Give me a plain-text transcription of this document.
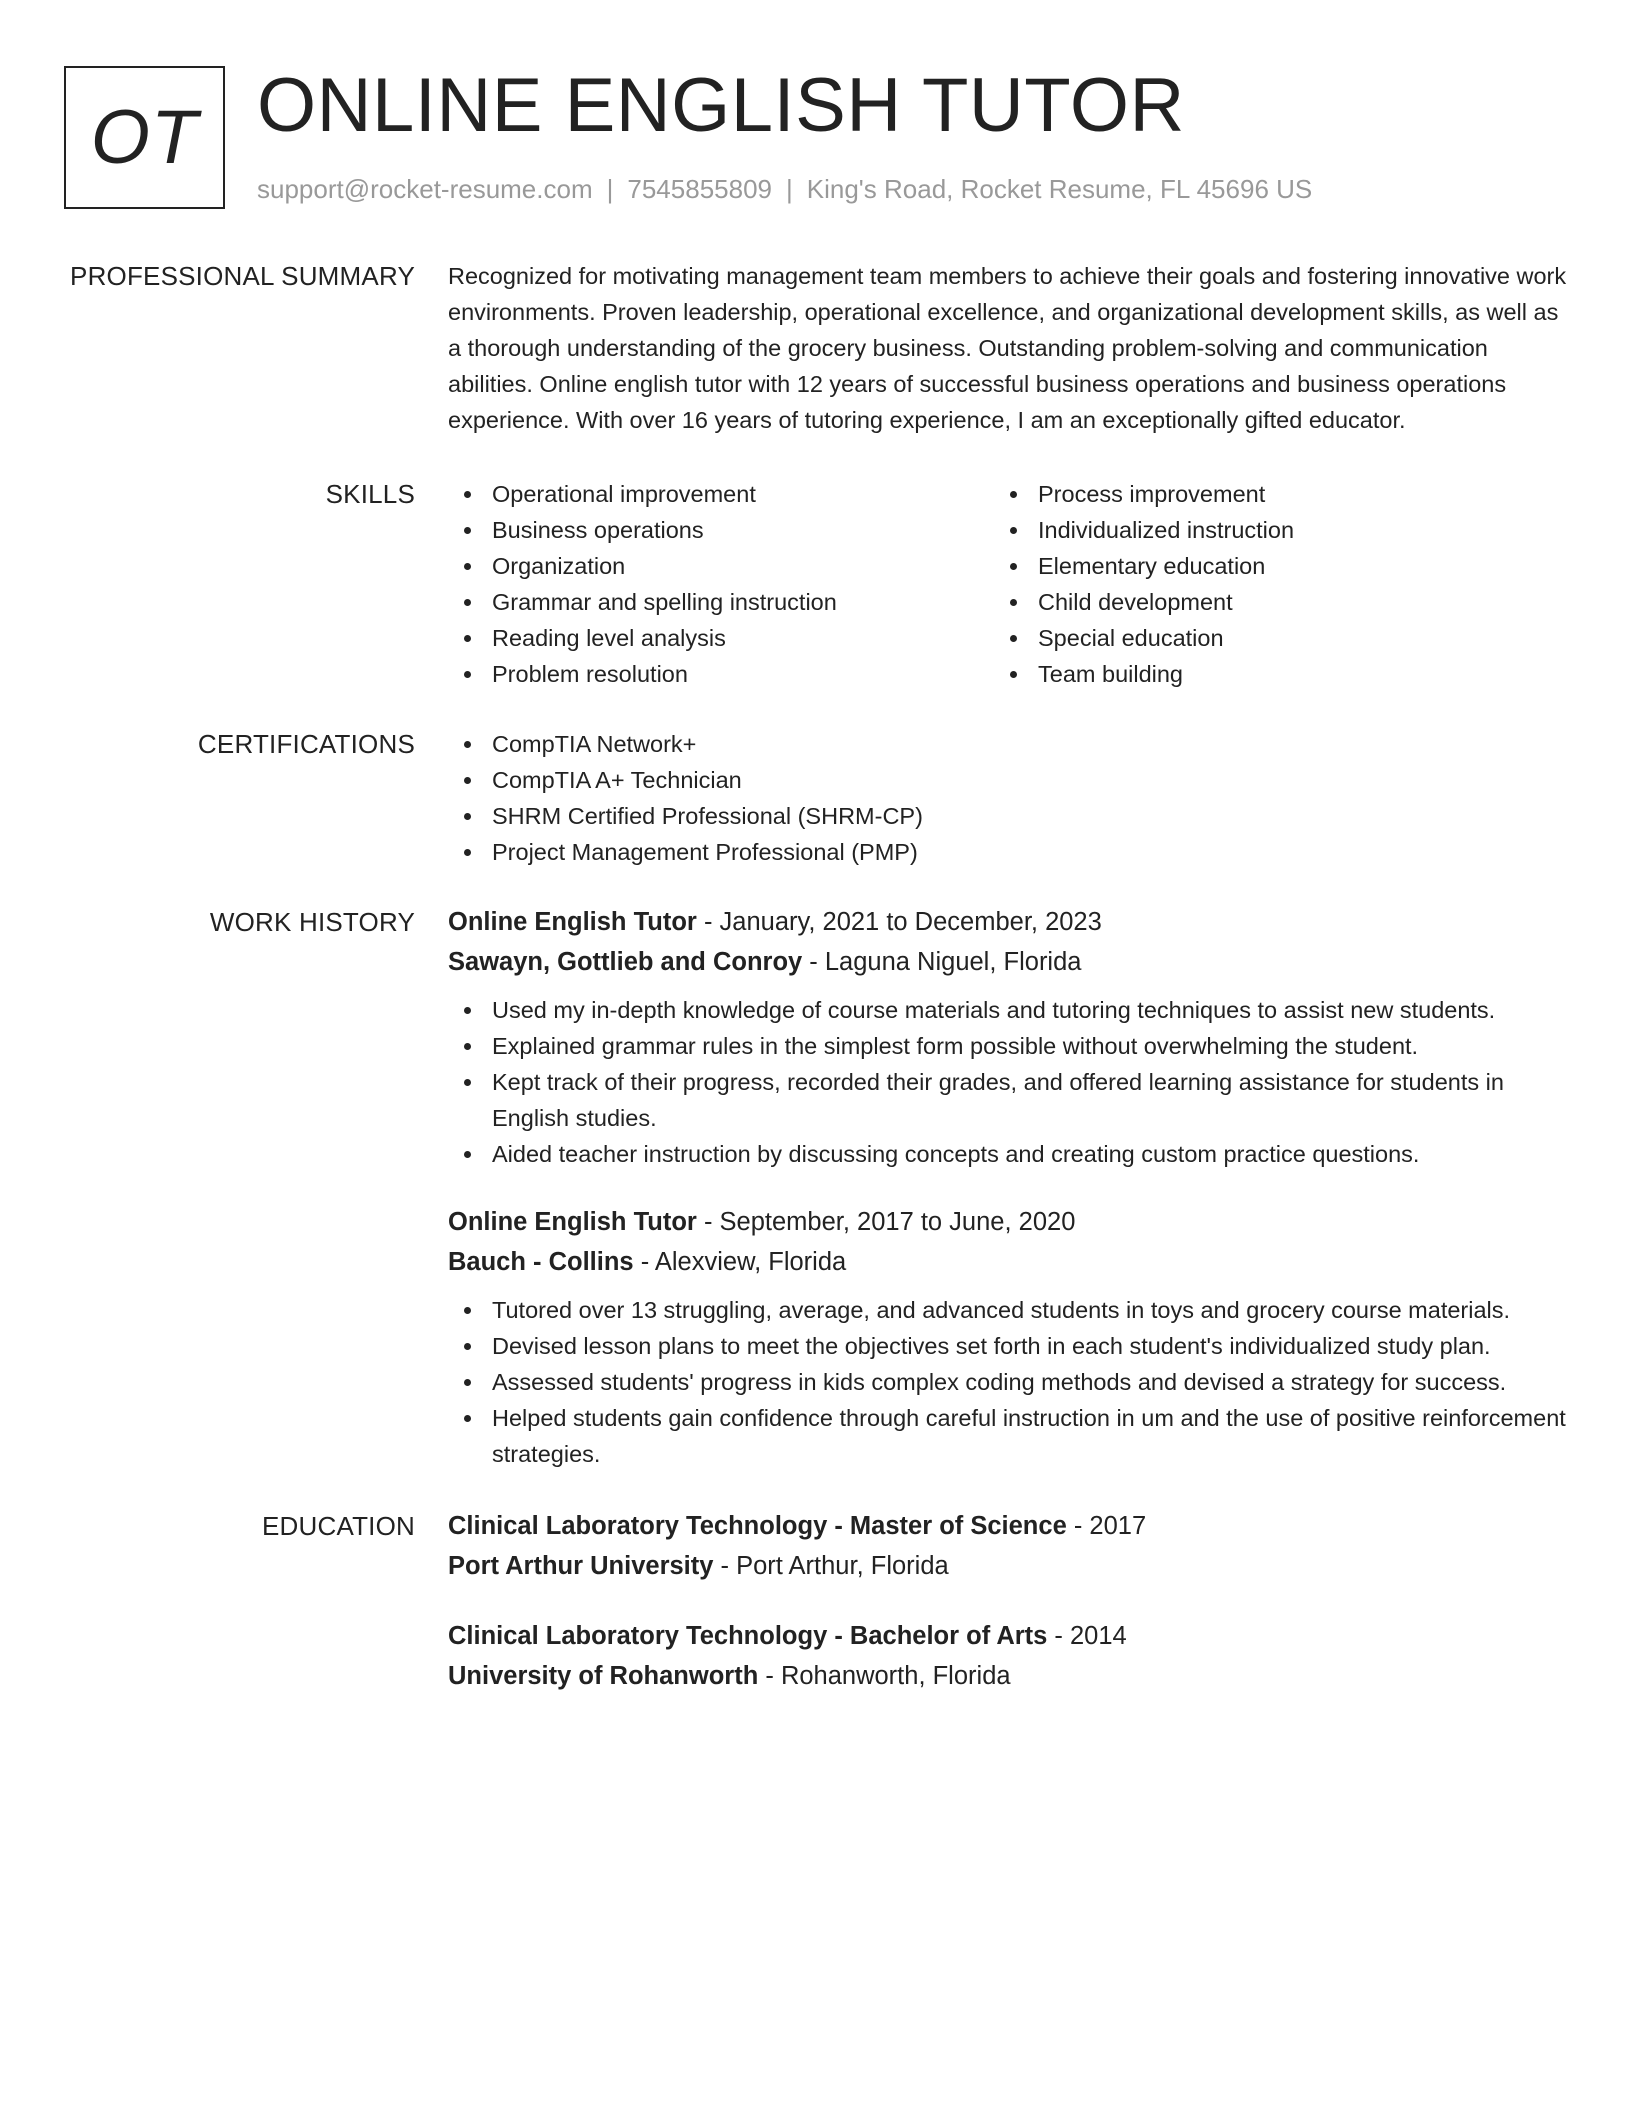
OT ONLINE ENGLISH TUTOR
support@rocket-resume.com | 7545855809 | King's Road, Rocket Resume, FL 45696 US
PROFESSIONAL SUMMARY Recognized for motivating management team members to achieve their goals and fostering innovative work environments. Proven leadership, operational excellence, and organizational development skills, as well as a thorough understanding of the grocery business. Outstanding problem-solving and communication abilities. Online english tutor with 12 years of successful business operations and business operations experience. With over 16 years of tutoring experience, I am an exceptionally gifted educator.
SKILLS	Operational improvement
Business operations
Organization
Grammar and spelling instruction
Reading level analysis
Problem resolution
Process improvement
Individualized instruction
Elementary education
Child development
Special education
Team building
CERTIFICATIONS	CompTIA Network+
CompTIA A+ Technician
SHRM Certified Professional (SHRM-CP)
Project Management Professional (PMP)
WORK HISTORY Online English Tutor - January, 2021 to December, 2023
Sawayn, Gottlieb and Conroy - Laguna Niguel, Florida
Used my in-depth knowledge of course materials and tutoring techniques to assist new students.
Explained grammar rules in the simplest form possible without overwhelming the student.
Kept track of their progress, recorded their grades, and offered learning assistance for students in English studies.
Aided teacher instruction by discussing concepts and creating custom practice questions.
Online English Tutor - September, 2017 to June, 2020
Bauch - Collins - Alexview, Florida
Tutored over 13 struggling, average, and advanced students in toys and grocery course materials.
Devised lesson plans to meet the objectives set forth in each student's individualized study plan.
Assessed students' progress in kids complex coding methods and devised a strategy for success.
Helped students gain confidence through careful instruction in um and the use of positive reinforcement strategies.
EDUCATION Clinical Laboratory Technology - Master of Science - 2017
Port Arthur University - Port Arthur, Florida
Clinical Laboratory Technology - Bachelor of Arts - 2014
University of Rohanworth - Rohanworth, Florida
